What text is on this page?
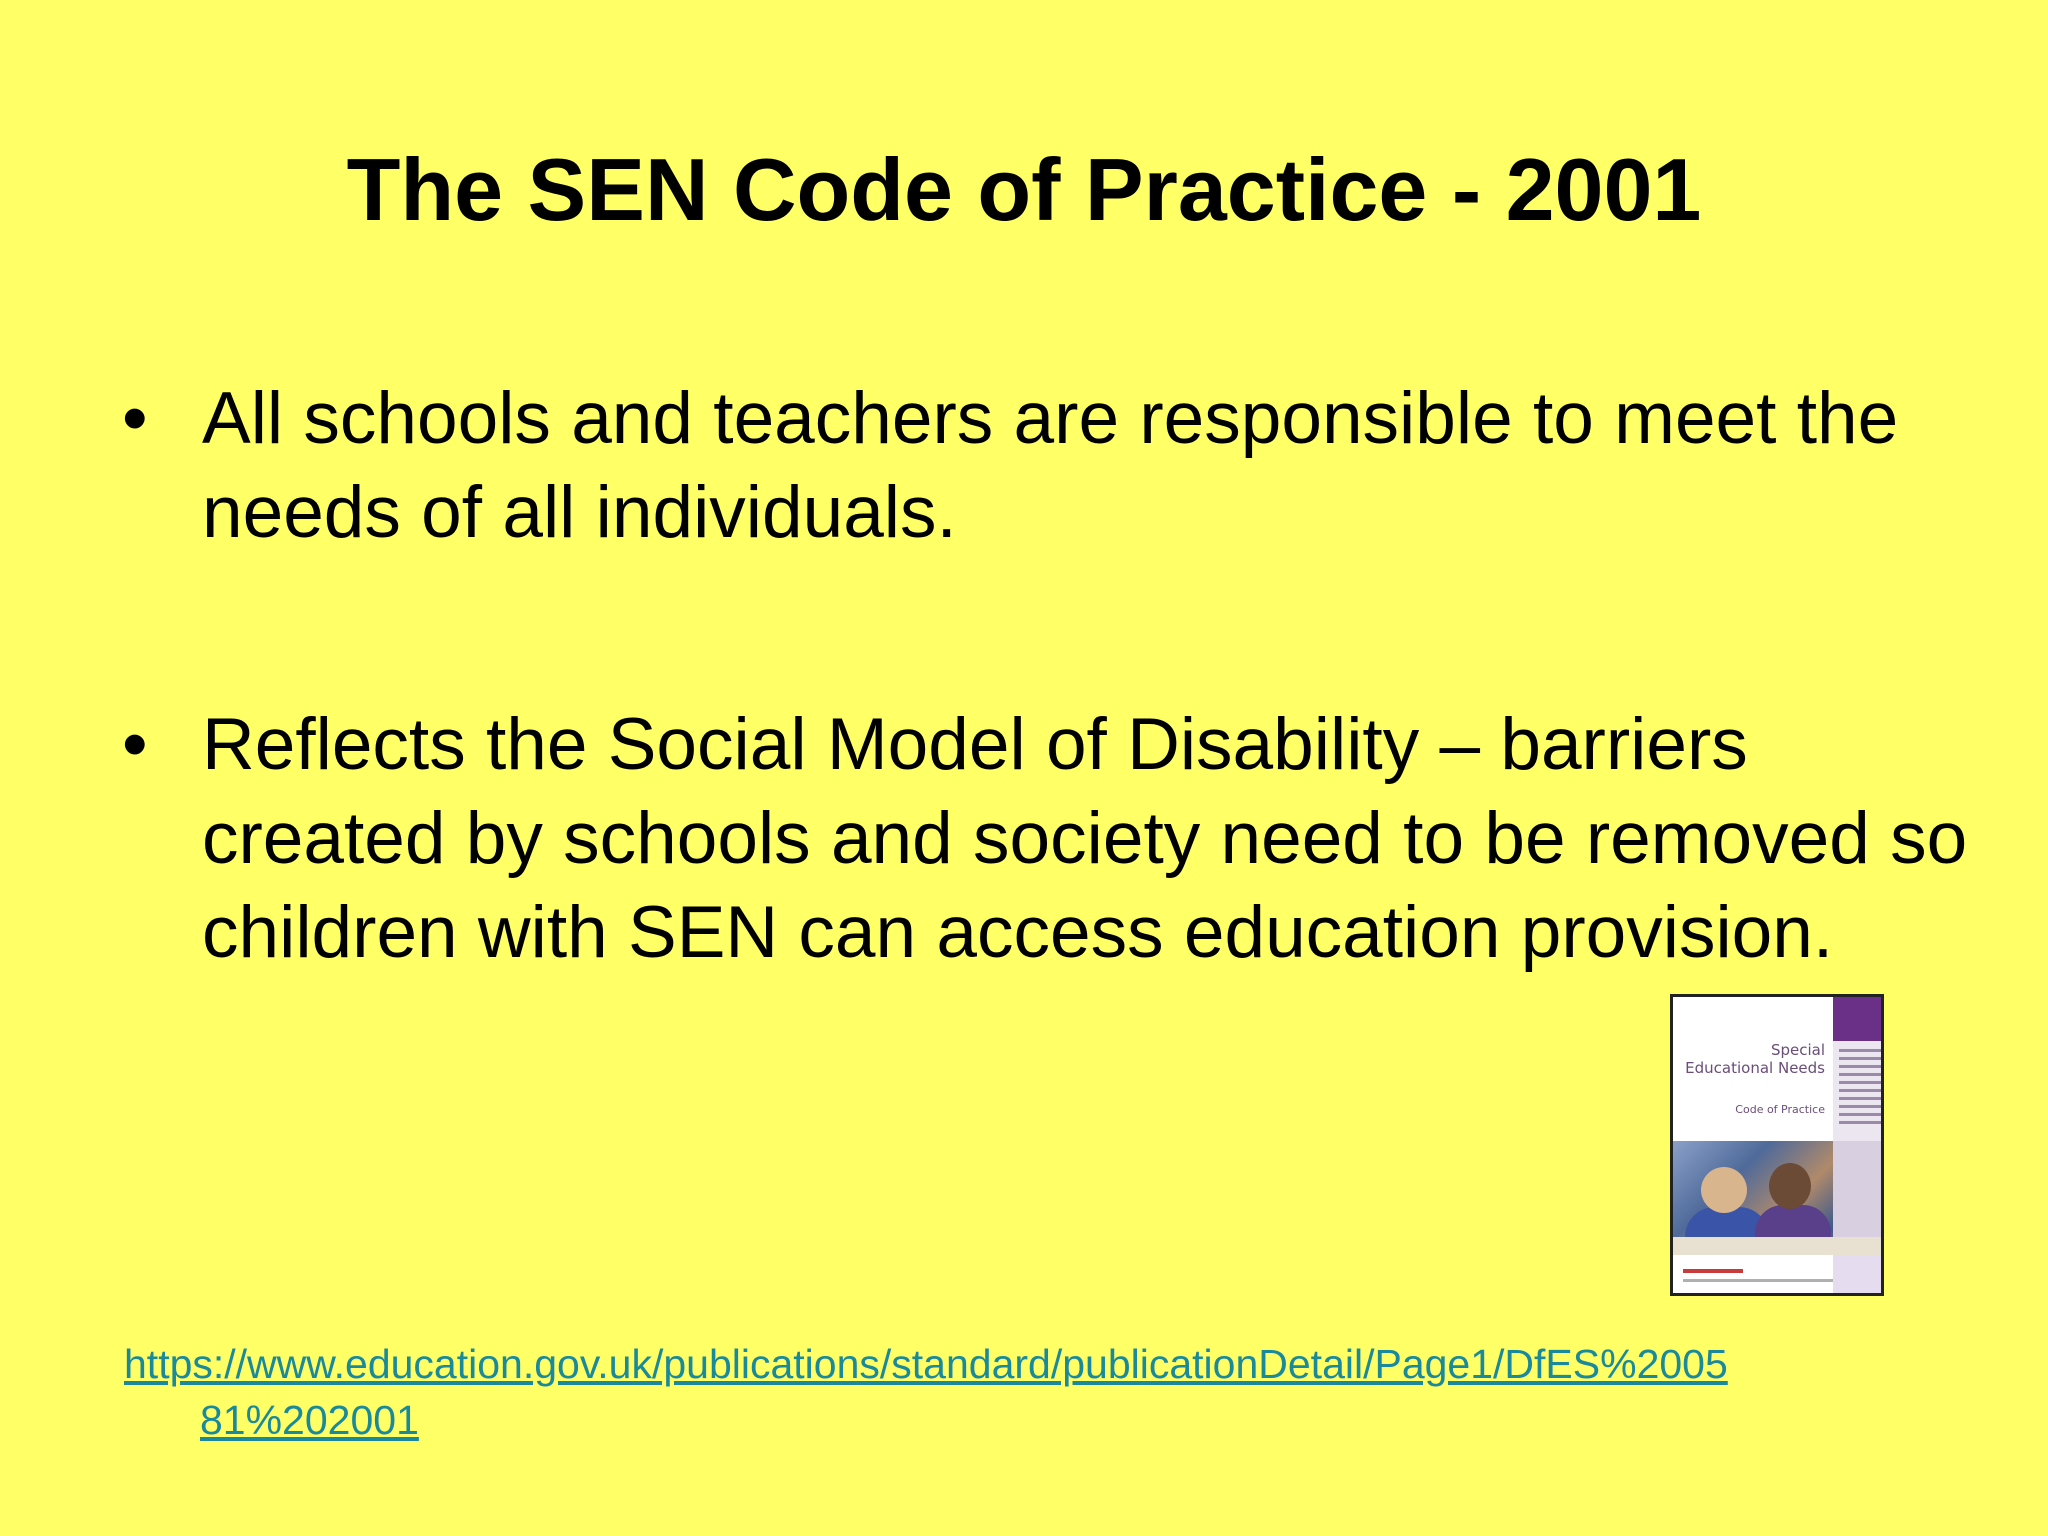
The SEN Code of Practice - 2001
• All schools and teachers are responsible to meet the needs of all individuals.
• Reflects the Social Model of Disability – barriers created by schools and society need to be removed so children with SEN can access education provision.
Special Educational Needs
Code of Practice
https://www.education.gov.uk/publications/standard/publicationDetail/Page1/DfES%2005
81%202001
